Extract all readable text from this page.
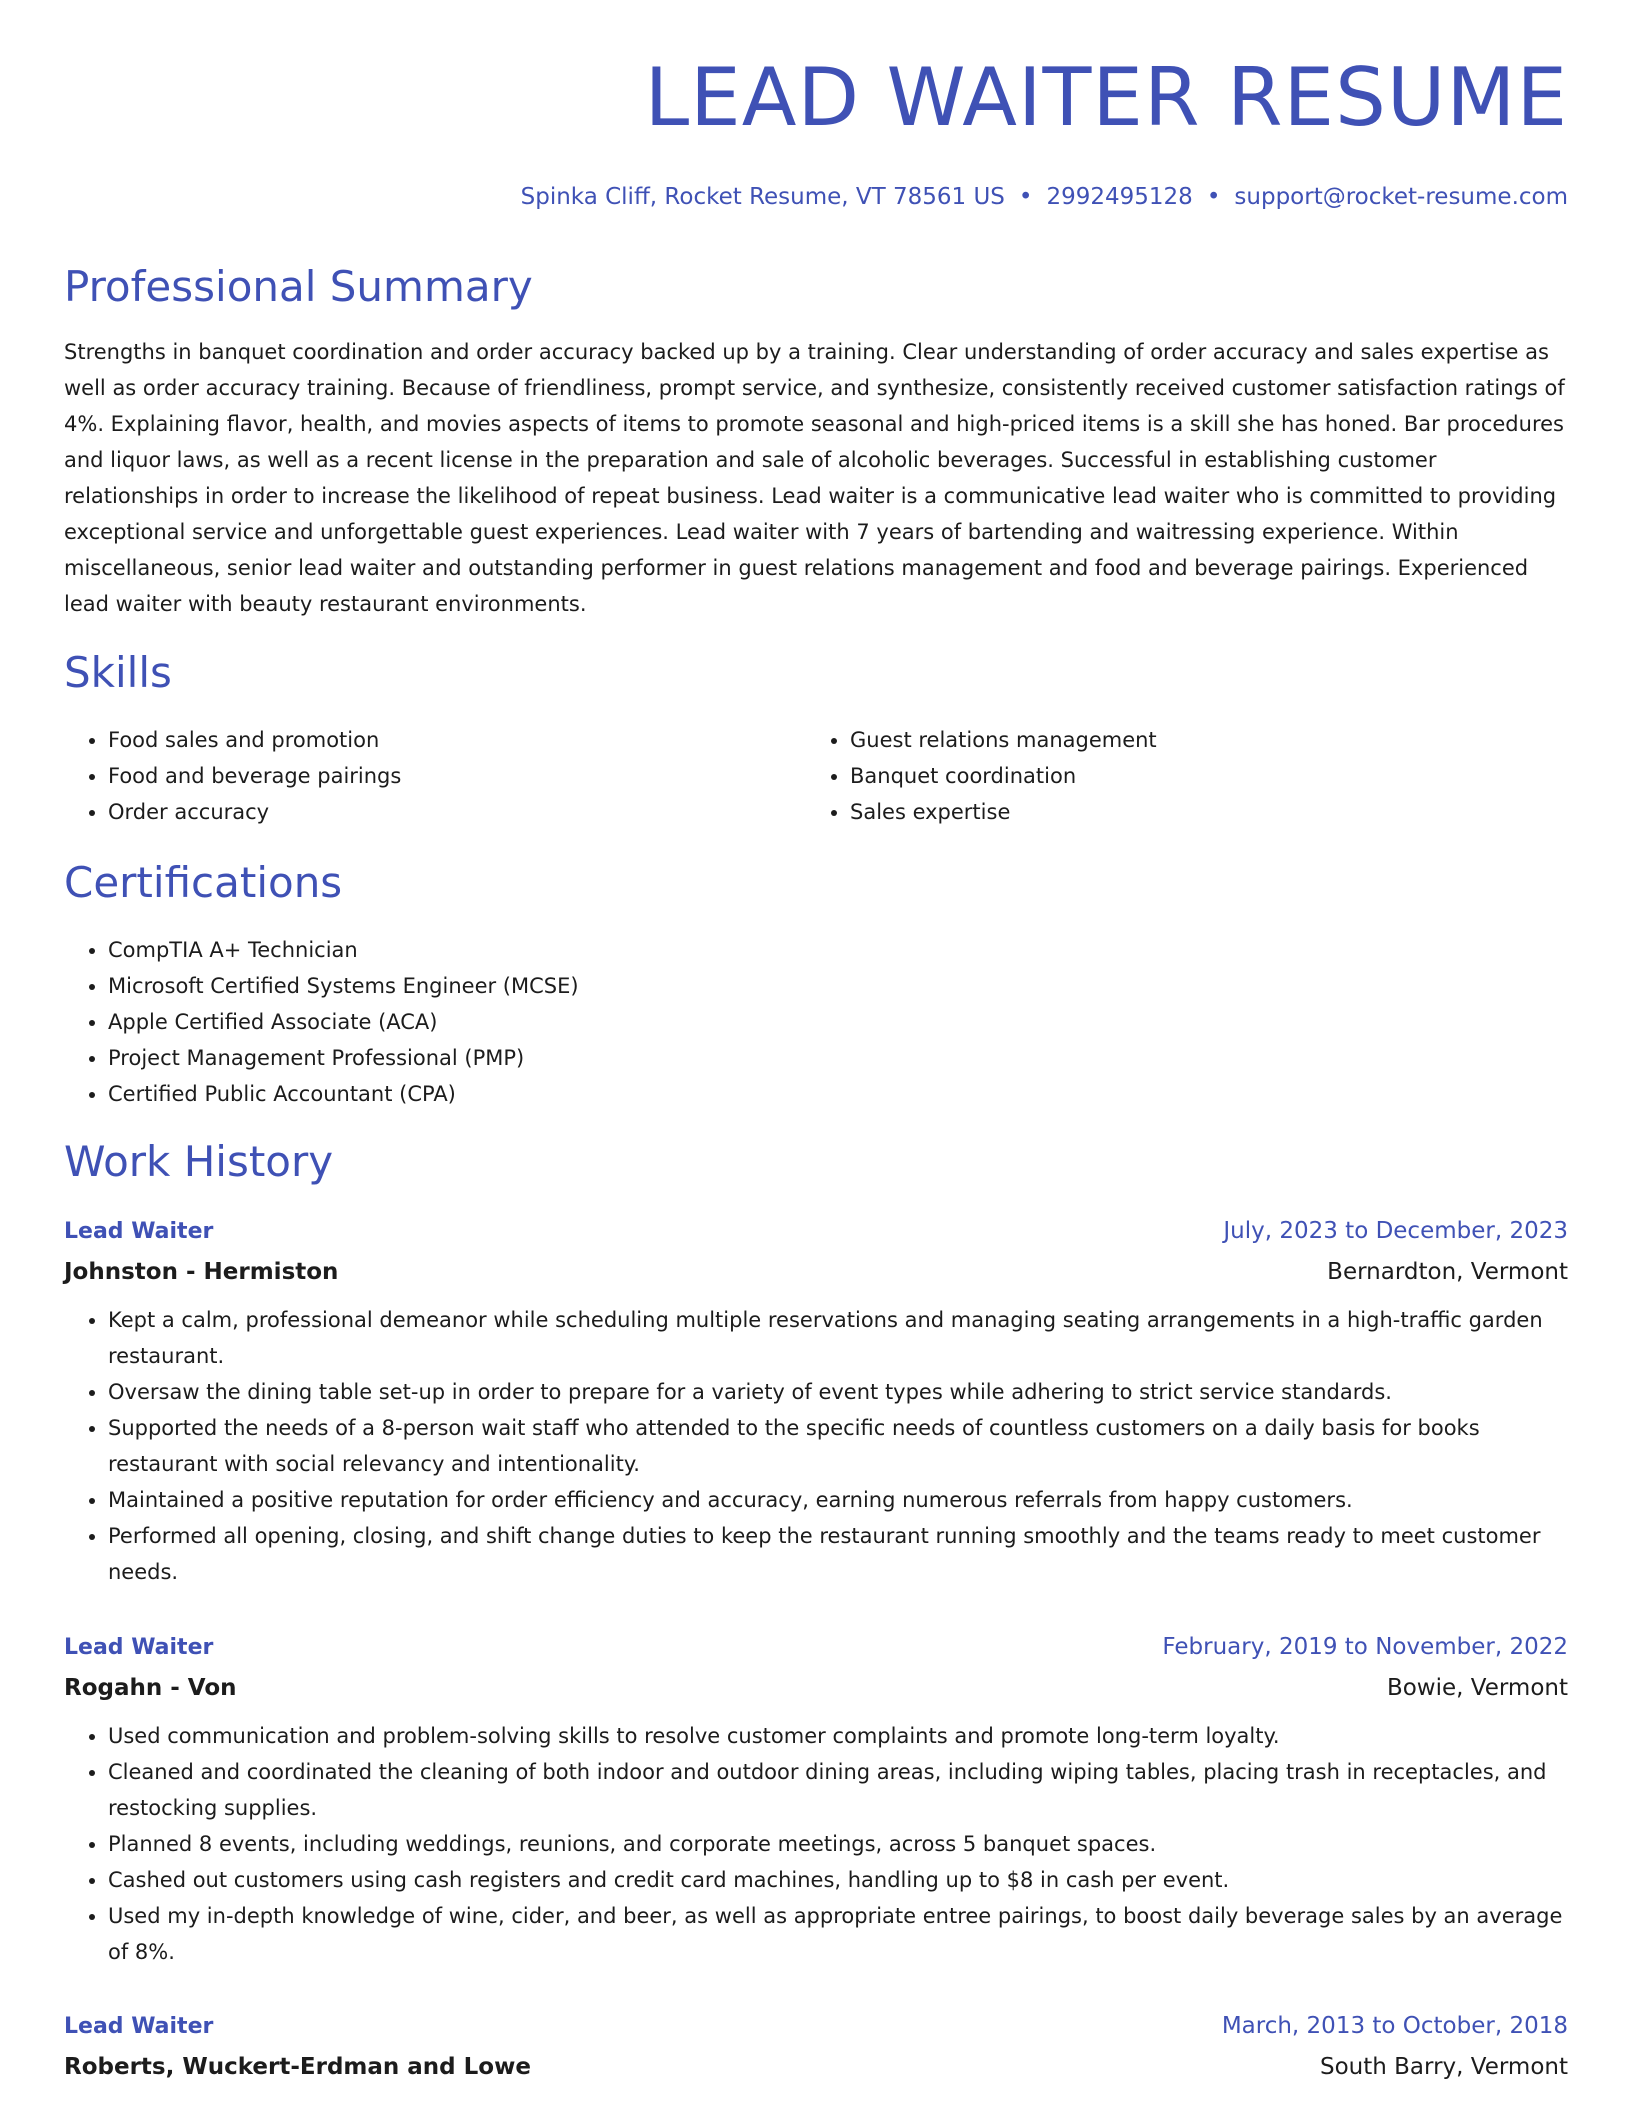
LEAD WAITER RESUME
Spinka Cliff, Rocket Resume, VT 78561 US • 2992495128 • support@rocket-resume.com
Professional Summary

Strengths in banquet coordination and order accuracy backed up by a training. Clear understanding of order accuracy and sales expertise as well as order accuracy training. Because of friendliness, prompt service, and synthesize, consistently received customer satisfaction ratings of 4%. Explaining flavor, health, and movies aspects of items to promote seasonal and high-priced items is a skill she has honed. Bar procedures and liquor laws, as well as a recent license in the preparation and sale of alcoholic beverages. Successful in establishing customer relationships in order to increase the likelihood of repeat business. Lead waiter is a communicative lead waiter who is committed to providing exceptional service and unforgettable guest experiences. Lead waiter with 7 years of bartending and waitressing experience. Within miscellaneous, senior lead waiter and outstanding performer in guest relations management and food and beverage pairings. Experienced lead waiter with beauty restaurant environments.

Skills
• Food sales and promotion
• Food and beverage pairings
• Order accuracy
• Guest relations management
• Banquet coordination
• Sales expertise
Certifications
• CompTIA A+ Technician
• Microsoft Certified Systems Engineer (MCSE)
• Apple Certified Associate (ACA)
• Project Management Professional (PMP)
• Certified Public Accountant (CPA)
Work History
Lead Waiter	July, 2023 to December, 2023
Johnston - Hermiston	Bernardton, Vermont
• Kept a calm, professional demeanor while scheduling multiple reservations and managing seating arrangements in a high-traffic garden restaurant.
• Oversaw the dining table set-up in order to prepare for a variety of event types while adhering to strict service standards.
• Supported the needs of a 8-person wait staff who attended to the specific needs of countless customers on a daily basis for books restaurant with social relevancy and intentionality.
• Maintained a positive reputation for order efficiency and accuracy, earning numerous referrals from happy customers.
• Performed all opening, closing, and shift change duties to keep the restaurant running smoothly and the teams ready to meet customer needs.
Lead Waiter	February, 2019 to November, 2022
Rogahn - Von	Bowie, Vermont
• Used communication and problem-solving skills to resolve customer complaints and promote long-term loyalty.
• Cleaned and coordinated the cleaning of both indoor and outdoor dining areas, including wiping tables, placing trash in receptacles, and restocking supplies.
• Planned 8 events, including weddings, reunions, and corporate meetings, across 5 banquet spaces.
• Cashed out customers using cash registers and credit card machines, handling up to $8 in cash per event.
• Used my in-depth knowledge of wine, cider, and beer, as well as appropriate entree pairings, to boost daily beverage sales by an average of 8%.
Lead Waiter	March, 2013 to October, 2018
Roberts, Wuckert-Erdman and Lowe	South Barry, Vermont
